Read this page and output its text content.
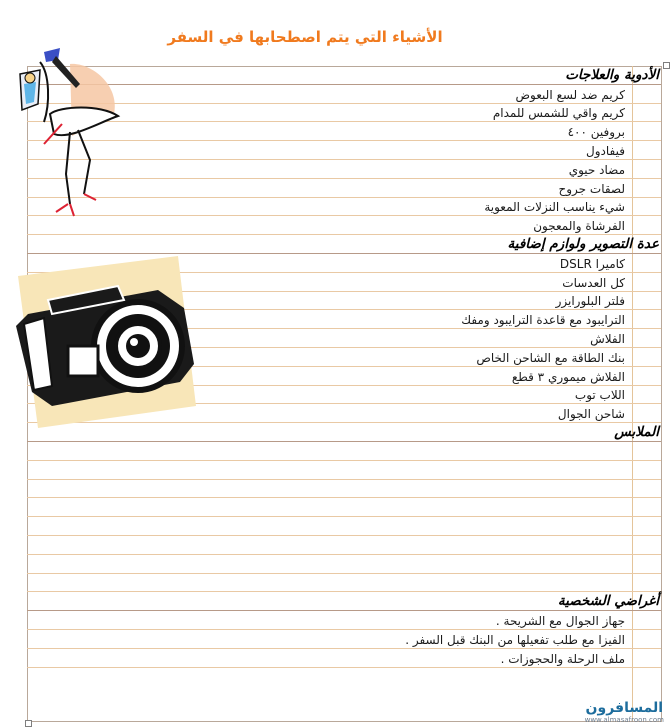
الأشياء التي يتم اصطحابها في السفر
الأدوية والعلاجات
كريم ضد لسع البعوض
كريم واقي للشمس للمدام
بروفين ٤٠٠
فيفادول
مضاد حيوي
لصقات جروح
شيء يناسب النزلات المعوية
الفرشاة والمعجون
عدة التصوير ولوازم إضافية
كاميرا DSLR
كل العدسات
فلتر البلورايزر
الترايبود مع قاعدة الترايبود ومفك
الفلاش
بنك الطاقة مع الشاحن الخاص
الفلاش ميموري ٣ قطع
اللاب توب
شاحن الجوال
الملابس
أغراضي الشخصية
جهاز الجوال مع الشريحة .
الفيزا مع طلب تفعيلها من البنك قبل السفر .
ملف الرحلة والحجوزات .
المسافرون
www.almasafroon.com
